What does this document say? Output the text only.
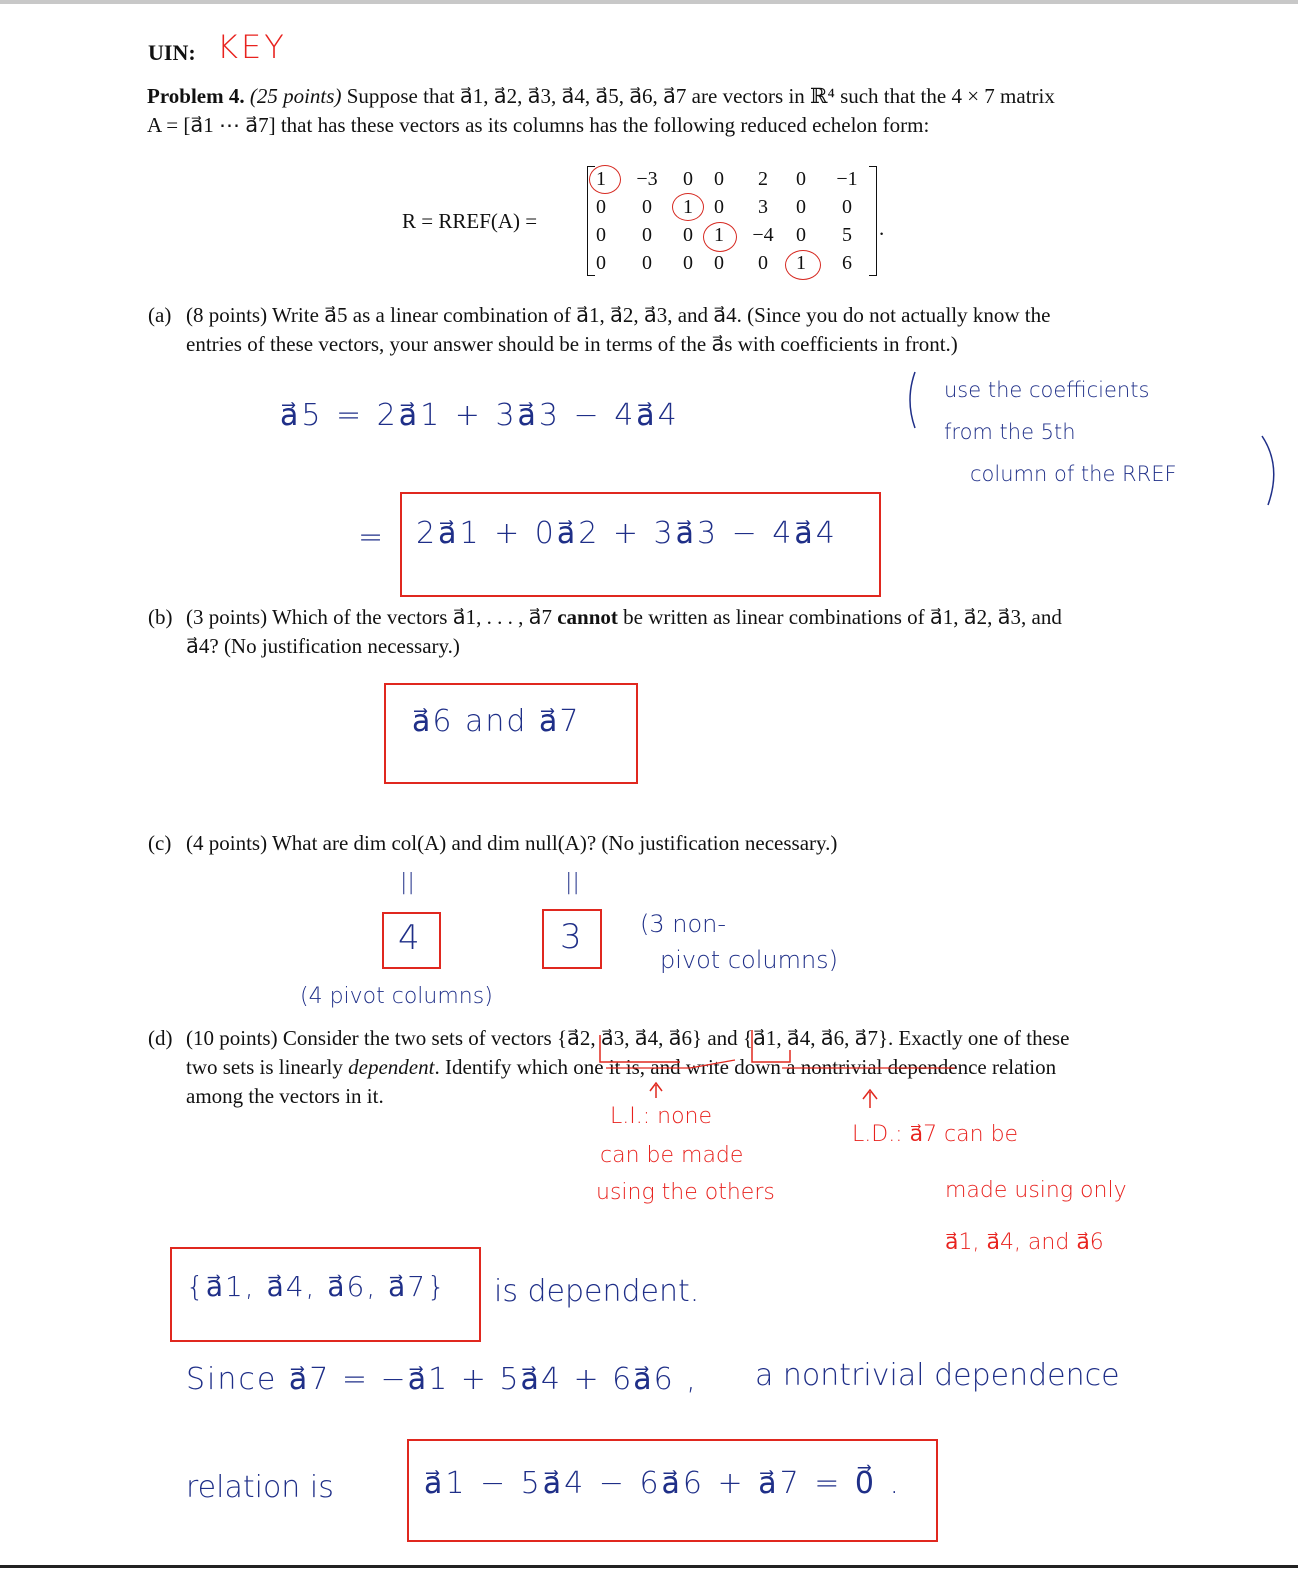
UIN: KEY
Problem 4. (25 points) Suppose that a⃗1, a⃗2, a⃗3, a⃗4, a⃗5, a⃗6, a⃗7 are vectors in ℝ⁴ such that the 4 × 7 matrix
A = [a⃗1 ⋯ a⃗7] that has these vectors as its columns has the following reduced echelon form:
R = RREF(A) =
1	−3	0	0	2	0	−1
0	0	1	0	3	0	0
0	0	0	1	−4	0	5
0	0	0	0	0	1	6
.
(a) (8 points) Write a⃗5 as a linear combination of a⃗1, a⃗2, a⃗3, and a⃗4. (Since you do not actually know the
entries of these vectors, your answer should be in terms of the a⃗s with coefficients in front.)
a⃗5 = 2a⃗1 + 3a⃗3 − 4a⃗4
use the coefficients
from the 5th
column of the RREF
= 2a⃗1 + 0a⃗2 + 3a⃗3 − 4a⃗4
(b) (3 points) Which of the vectors a⃗1, . . . , a⃗7 cannot be written as linear combinations of a⃗1, a⃗2, a⃗3, and
a⃗4? (No justification necessary.)
a⃗6 and a⃗7
(c) (4 points) What are dim col(A) and dim null(A)? (No justification necessary.)
||	||
4	3 (3 non-
pivot columns)
(4 pivot columns)
(d) (10 points) Consider the two sets of vectors {a⃗2, a⃗3, a⃗4, a⃗6} and {a⃗1, a⃗4, a⃗6, a⃗7}. Exactly one of these
two sets is linearly dependent. Identify which one it is, and write down a nontrivial dependence relation
among the vectors in it.
L.I.: none
can be made
using the others
L.D.: a⃗7 can be
made using only
a⃗1, a⃗4, and a⃗6
{a⃗1, a⃗4, a⃗6, a⃗7} is dependent.
Since a⃗7 = −a⃗1 + 5a⃗4 + 6a⃗6 , a nontrivial dependence
relation is	a⃗1 − 5a⃗4 − 6a⃗6 + a⃗7 = 0⃗ .
